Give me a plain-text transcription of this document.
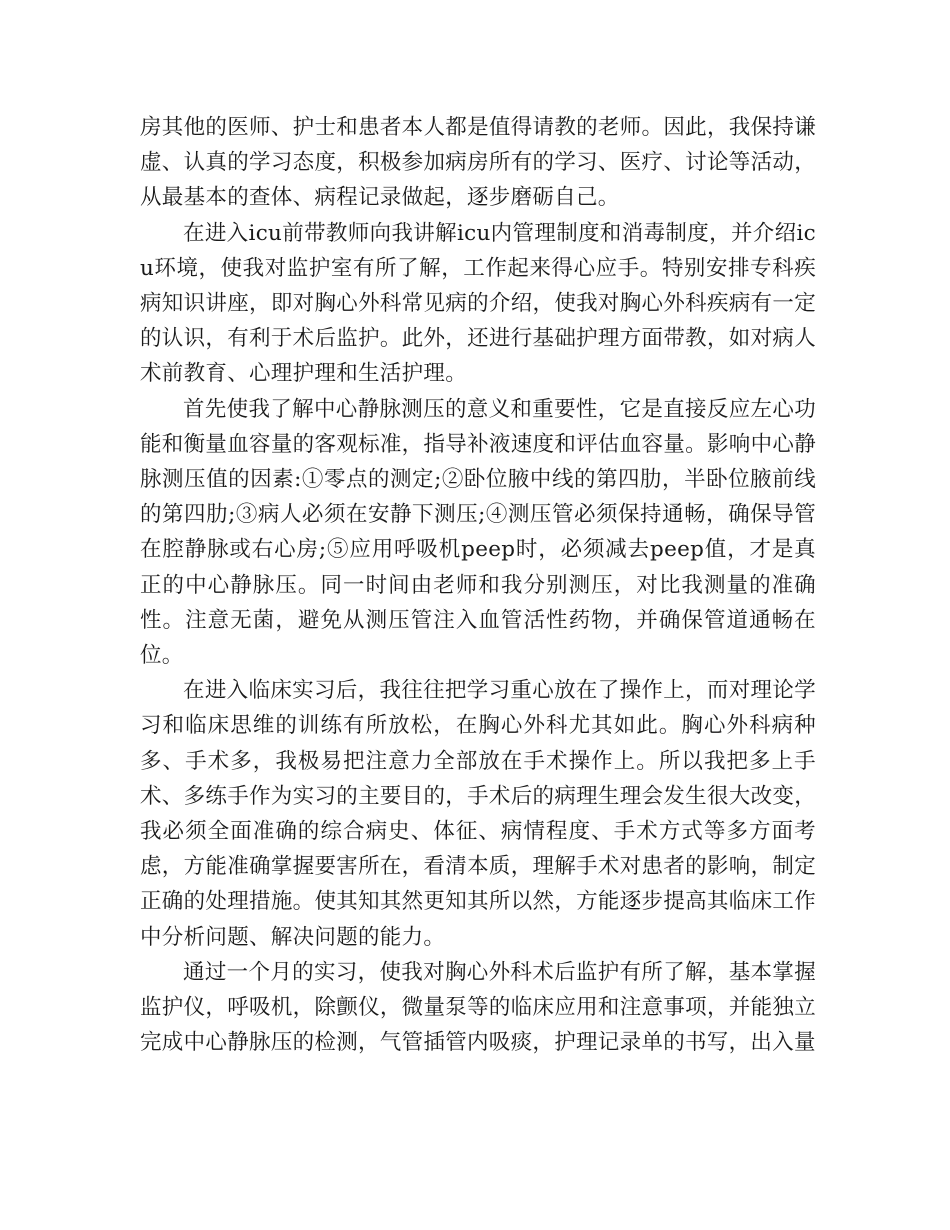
房其他的医师、护士和患者本人都是值得请教的老师。因此，我保持谦虚、认真的学习态度，积极参加病房所有的学习、医疗、讨论等活动，从最基本的查体、病程记录做起，逐步磨砺自己。

在进入icu前带教师向我讲解icu内管理制度和消毒制度，并介绍icu环境，使我对监护室有所了解，工作起来得心应手。特别安排专科疾病知识讲座，即对胸心外科常见病的介绍，使我对胸心外科疾病有一定的认识，有利于术后监护。此外，还进行基础护理方面带教，如对病人术前教育、心理护理和生活护理。

首先使我了解中心静脉测压的意义和重要性，它是直接反应左心功能和衡量血容量的客观标准，指导补液速度和评估血容量。影响中心静脉测压值的因素:①零点的测定;②卧位腋中线的第四肋，半卧位腋前线的第四肋;③病人必须在安静下测压;④测压管必须保持通畅，确保导管在腔静脉或右心房;⑤应用呼吸机peep时，必须减去peep值，才是真正的中心静脉压。同一时间由老师和我分别测压，对比我测量的准确性。注意无菌，避免从测压管注入血管活性药物，并确保管道通畅在位。

在进入临床实习后，我往往把学习重心放在了操作上，而对理论学习和临床思维的训练有所放松，在胸心外科尤其如此。胸心外科病种多、手术多，我极易把注意力全部放在手术操作上。所以我把多上手术、多练手作为实习的主要目的，手术后的病理生理会发生很大改变，我必须全面准确的综合病史、体征、病情程度、手术方式等多方面考虑，方能准确掌握要害所在，看清本质，理解手术对患者的影响，制定正确的处理措施。使其知其然更知其所以然，方能逐步提高其临床工作中分析问题、解决问题的能力。

通过一个月的实习，使我对胸心外科术后监护有所了解，基本掌握监护仪，呼吸机，除颤仪，微量泵等的临床应用和注意事项，并能独立完成中心静脉压的检测，气管插管内吸痰，护理记录单的书写，出入量
